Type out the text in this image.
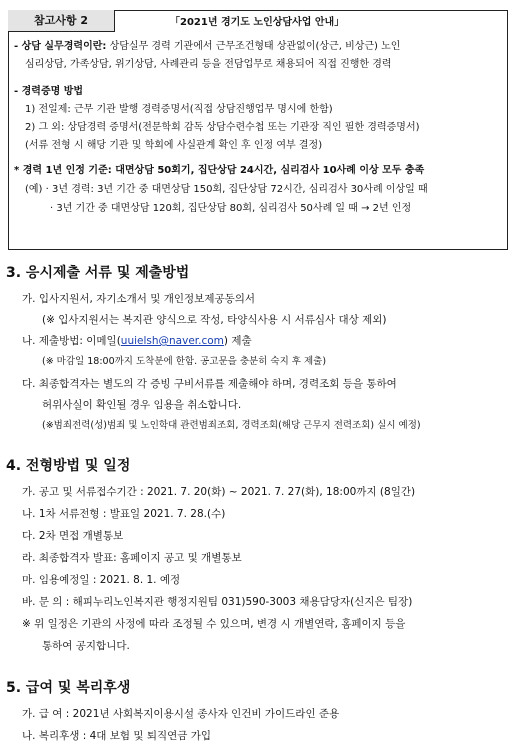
참고사항 2	「2021년 경기도 노인상담사업 안내」
- 상담 실무경력이란: 상담실무 경력 기관에서 근무조건형태 상관없이(상근, 비상근) 노인
심리상담, 가족상담, 위기상담, 사례관리 등을 전담업무로 채용되어 직접 진행한 경력
- 경력증명 방법
1) 전일제: 근무 기관 발행 경력증명서(직접 상담진행업무 명시에 한함)
2) 그 외: 상담경력 증명서(전문학회 감독 상담수련수첩 또는 기관장 직인 필한 경력증명서)
(서류 전형 시 해당 기관 및 학회에 사실관계 확인 후 인정 여부 결정)
* 경력 1년 인정 기준: 대면상담 50회기, 집단상담 24시간, 심리검사 10사례 이상 모두 충족
(예) · 3년 경력: 3년 기간 중 대면상담 150회, 집단상담 72시간, 심리검사 30사례 이상일 때
· 3년 기간 중 대면상담 120회, 집단상담 80회, 심리검사 50사례 일 때 → 2년 인정
3. 응시제출 서류 및 제출방법
가. 입사지원서, 자기소개서 및 개인정보제공동의서
(※ 입사지원서는 복지관 양식으로 작성, 타양식사용 시 서류심사 대상 제외)
나. 제출방법: 이메일(uuielsh@naver.com) 제출
(※ 마감일 18:00까지 도착분에 한함. 공고문을 충분히 숙지 후 제출)
다. 최종합격자는 별도의 각 증빙 구비서류를 제출해야 하며, 경력조회 등을 통하여
허위사실이 확인될 경우 임용을 취소합니다.
(※범죄전력(성)범죄 및 노인학대 관련범죄조회, 경력조회(해당 근무지 전력조회) 실시 예정)
4. 전형방법 및 일정
가. 공고 및 서류접수기간 : 2021. 7. 20(화) ~ 2021. 7. 27(화), 18:00까지 (8일간)
나. 1차 서류전형 : 발표일 2021. 7. 28.(수)
다. 2차 면접 개별통보
라. 최종합격자 발표: 홈페이지 공고 및 개별통보
마. 임용예정일 : 2021. 8. 1. 예정
바. 문 의 : 해피누리노인복지관 행정지원팀 031)590-3003 채용담당자(신지은 팀장)
※ 위 일정은 기관의 사정에 따라 조정될 수 있으며, 변경 시 개별연락, 홈페이지 등을
통하여 공지합니다.
5. 급여 및 복리후생
가. 급 여 : 2021년 사회복지이용시설 종사자 인건비 가이드라인 준용
나. 복리후생 : 4대 보험 및 퇴직연금 가입
